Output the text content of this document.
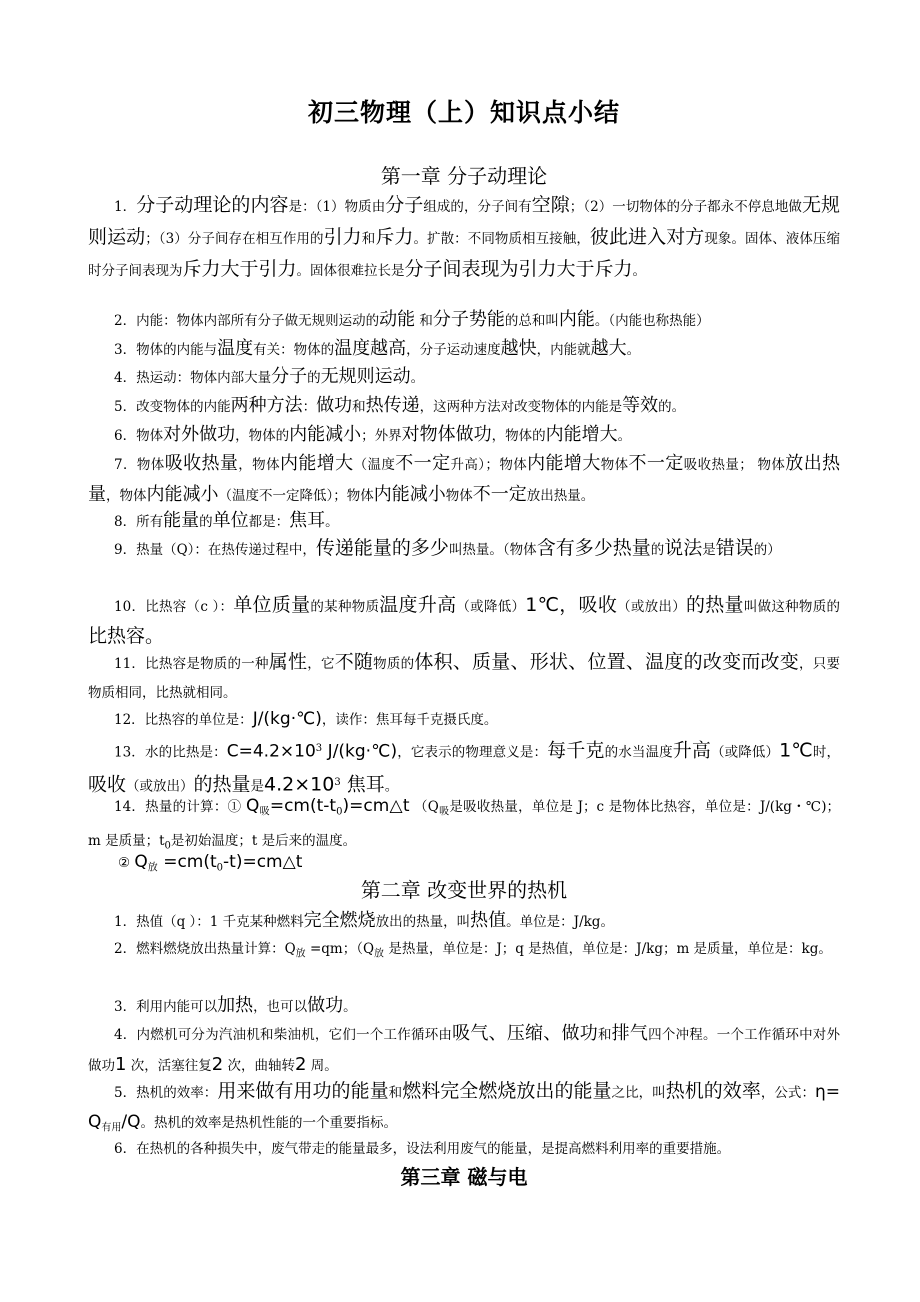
初三物理（上）知识点小结
第一章 分子动理论
1．分子动理论的内容是：（1）物质由分子组成的，分子间有空隙；（2）一切物体的分子都永不停息地做无规则运动；（3）分子间存在相互作用的引力和斥力。扩散：不同物质相互接触，彼此进入对方现象。固体、液体压缩时分子间表现为斥力大于引力。固体很难拉长是分子间表现为引力大于斥力。
2．内能：物体内部所有分子做无规则运动的动能 和分子势能的总和叫内能。（内能也称热能）
3．物体的内能与温度有关：物体的温度越高，分子运动速度越快，内能就越大。
4．热运动：物体内部大量分子的无规则运动。
5．改变物体的内能两种方法：做功和热传递，这两种方法对改变物体的内能是等效的。
6．物体对外做功，物体的内能减小；外界对物体做功，物体的内能增大。
7．物体吸收热量，物体内能增大（温度不一定升高）；物体内能增大物体不一定吸收热量； 物体放出热量，物体内能减小（温度不一定降低）；物体内能减小物体不一定放出热量。
8．所有能量的单位都是：焦耳。
9．热量（Q）：在热传递过程中，传递能量的多少叫热量。（物体含有多少热量的说法是错误的）
10．比热容（c ）：单位质量的某种物质温度升高（或降低）1℃，吸收（或放出）的热量叫做这种物质的比热容。
11．比热容是物质的一种属性，它不随物质的体积、质量、形状、位置、温度的改变而改变，只要物质相同，比热就相同。
12．比热容的单位是：J/(kg·℃)，读作：焦耳每千克摄氏度。
13．水的比热是：$C=4.2\times 10^3$ J/(kg·℃)，它表示的物理意义是：每千克的水当温度升高（或降低）1℃时，吸收（或放出）的热量是$4.2\times 10^3$ 焦耳。
14．热量的计算：① $Q_吸=cm(t-t_0)=cm\triangle t$ （$Q_吸$是吸收热量，单位是 J；c 是物体比热容，单位是：J/(kg・℃)；m 是质量；$t_0$是初始温度；t 是后来的温度。
② $Q_放$ $=cm(t_0-t)=cm\triangle t$
第二章 改变世界的热机
1．热值（q ）：1 千克某种燃料完全燃烧放出的热量，叫热值。单位是：J/kg。
2．燃料燃烧放出热量计算：$Q_放 =qm$；（$Q_放$ 是热量，单位是：J；q 是热值，单位是：J/kg；m 是质量，单位是：kg。
3．利用内能可以加热，也可以做功。
4．内燃机可分为汽油机和柴油机，它们一个工作循环由吸气、压缩、做功和排气四个冲程。一个工作循环中对外做功1 次，活塞往复2 次，曲轴转2 周。
5．热机的效率：用来做有用功的能量和燃料完全燃烧放出的能量之比，叫热机的效率，公式：$\eta= Q_{有用}/Q$。热机的效率是热机性能的一个重要指标。
6．在热机的各种损失中，废气带走的能量最多，设法利用废气的能量，是提高燃料利用率的重要措施。
第三章 磁与电
